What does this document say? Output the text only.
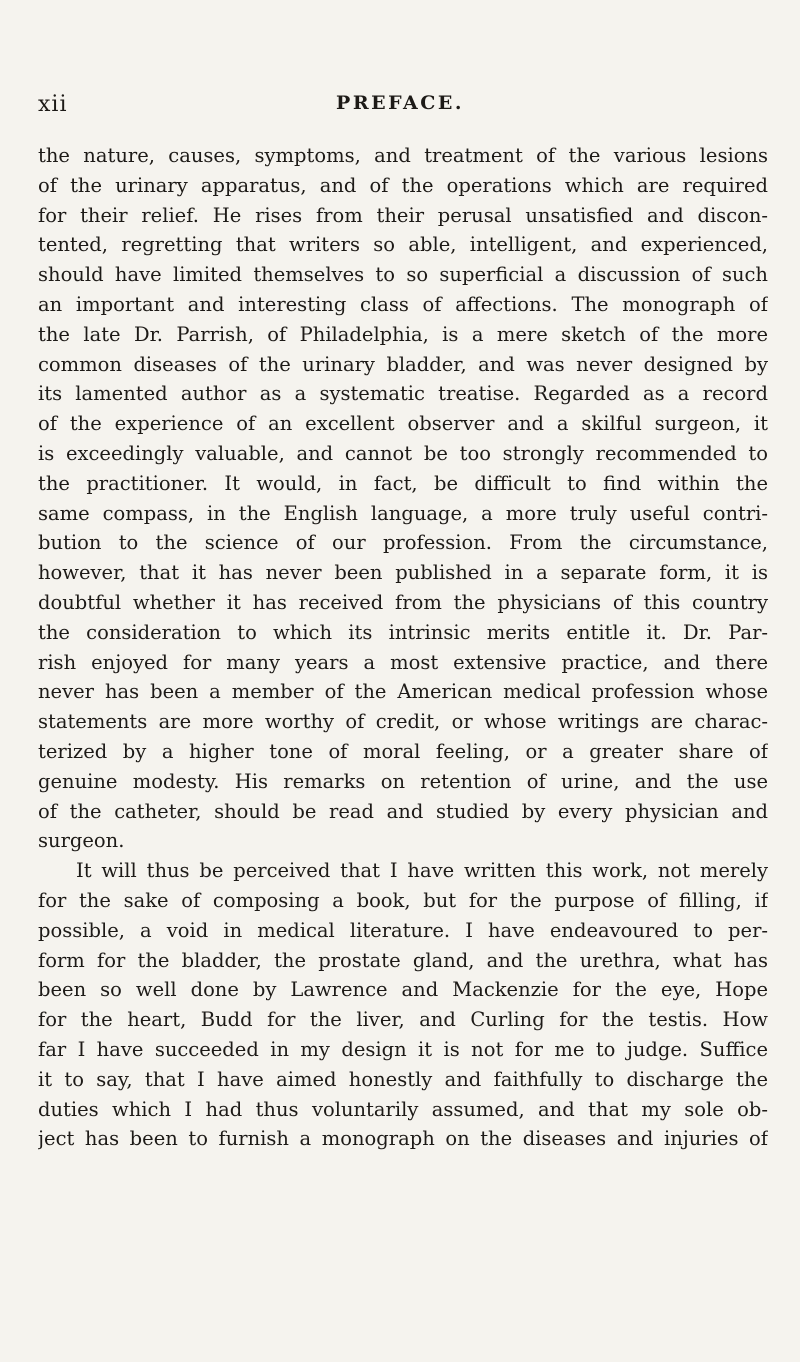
xii	PREFACE.
the nature, causes, symptoms, and treatment of the various lesions
of the urinary apparatus, and of the operations which are required
for their relief. He rises from their perusal unsatisfied and discon-
tented, regretting that writers so able, intelligent, and experienced,
should have limited themselves to so superficial a discussion of such
an important and interesting class of affections. The monograph of
the late Dr. Parrish, of Philadelphia, is a mere sketch of the more
common diseases of the urinary bladder, and was never designed by
its lamented author as a systematic treatise. Regarded as a record
of the experience of an excellent observer and a skilful surgeon, it
is exceedingly valuable, and cannot be too strongly recommended to
the practitioner. It would, in fact, be difficult to find within the
same compass, in the English language, a more truly useful contri-
bution to the science of our profession. From the circumstance,
however, that it has never been published in a separate form, it is
doubtful whether it has received from the physicians of this country
the consideration to which its intrinsic merits entitle it. Dr. Par-
rish enjoyed for many years a most extensive practice, and there
never has been a member of the American medical profession whose
statements are more worthy of credit, or whose writings are charac-
terized by a higher tone of moral feeling, or a greater share of
genuine modesty. His remarks on retention of urine, and the use
of the catheter, should be read and studied by every physician and
surgeon.
It will thus be perceived that I have written this work, not merely
for the sake of composing a book, but for the purpose of filling, if
possible, a void in medical literature. I have endeavoured to per-
form for the bladder, the prostate gland, and the urethra, what has
been so well done by Lawrence and Mackenzie for the eye, Hope
for the heart, Budd for the liver, and Curling for the testis. How
far I have succeeded in my design it is not for me to judge. Suffice
it to say, that I have aimed honestly and faithfully to discharge the
duties which I had thus voluntarily assumed, and that my sole ob-
ject has been to furnish a monograph on the diseases and injuries of
